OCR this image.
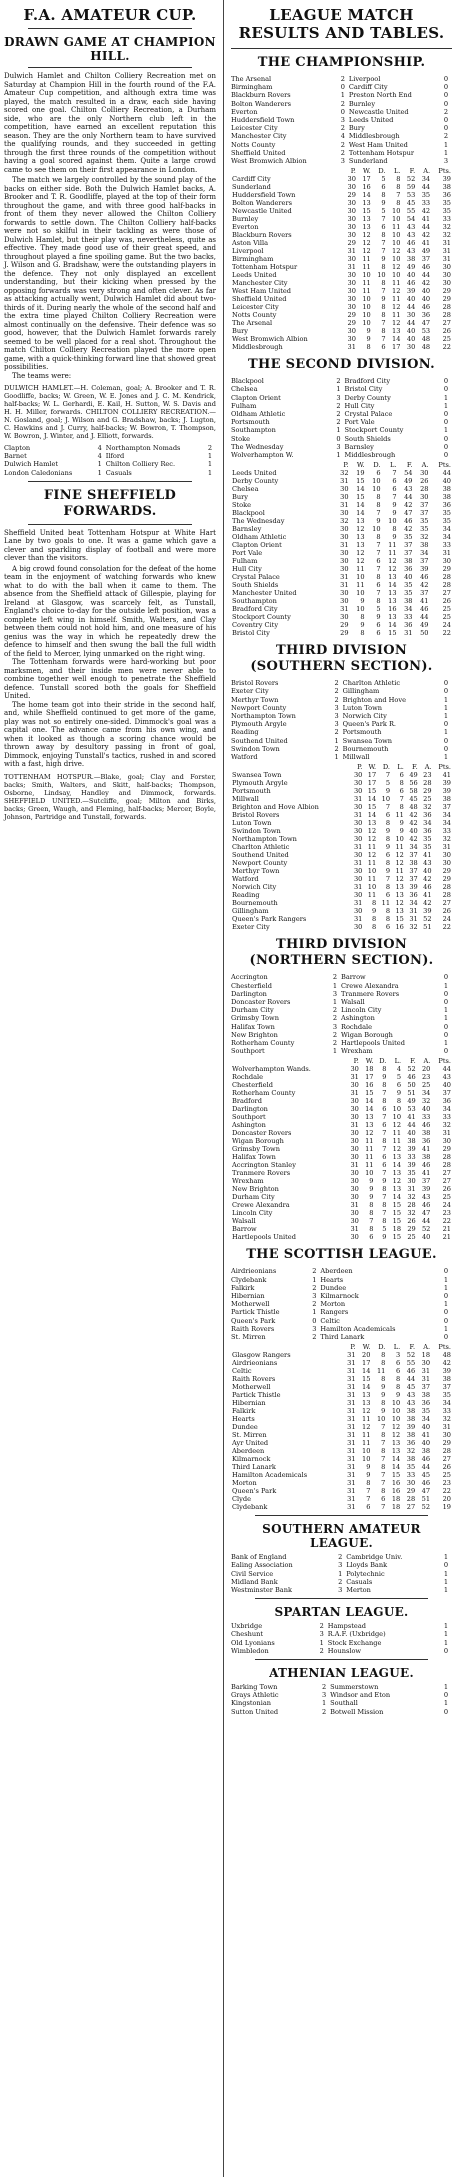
F.A. AMATEUR CUP.
DRAWN GAME AT CHAMPION HILL.

Dulwich Hamlet and Chilton Colliery Recreation met on Saturday at Champion Hill in the fourth round of the F.A. Amateur Cup competition, and although extra time was played, the match resulted in a draw, each side having scored one goal. Chilton Colliery Recreation, a Durham side, who are the only Northern club left in the competition, have earned an excellent reputation this season. They are the only Northern team to have survived the qualifying rounds, and they succeeded in getting through the first three rounds of the competition without having a goal scored against them. Quite a large crowd came to see them on their first appearance in London.

The match we largely controlled by the sound play of the backs on either side. Both the Dulwich Hamlet backs, A. Brooker and T. R. Goodliffe, played at the top of their form throughout the game, and with three good half-backs in front of them they never allowed the Chilton Colliery forwards to settle down. The Chilton Colliery half-backs were not so skilful in their tackling as were those of Dulwich Hamlet, but their play was, nevertheless, quite as effective. They made good use of their great speed, and throughout played a fine spoiling game. But the two backs, J. Wilson and G. Bradshaw, were the outstanding players in the defence. They not only displayed an excellent understanding, but their kicking when pressed by the opposing forwards was very strong and often clever. As far as attacking actually went, Dulwich Hamlet did about two-thirds of it. During nearly the whole of the second half and the extra time played Chilton Colliery Recreation were almost continually on the defensive. Their defence was so good, however, that the Dulwich Hamlet forwards rarely seemed to be well placed for a real shot. Throughout the match Chilton Colliery Recreation played the more open game, with a quick-thinking forward line that showed great possibilities.

The teams were:

DULWICH HAMLET.—H. Coleman, goal; A. Brooker and T. R. Goodliffe, backs; W. Green, W. E. Jones and J. C. M. Kendrick, half-backs; W. L. Gerhardi, E. Kail, H. Sutton, W. S. Davis and H. H. Miller, forwards. CHILTON COLLIERY RECREATION.—N. Gosland, goal; J. Wilson and G. Bradshaw, backs; J. Lugton, C. Hawkins and J. Curry, half-backs; W. Bowron, T. Thompson, W. Bowron, J. Winter, and J. Elliott, forwards.

Clapton	4	Northampton Nomads	2
Barnet	4	Ilford	1
Dulwich Hamlet	1	Chilton Colliery Rec.	1
London Caledonians	1	Casuals	1
FINE SHEFFIELD FORWARDS.

Sheffield United beat Tottenham Hotspur at White Hart Lane by two goals to one. It was a game which gave a clever and sparkling display of football and were more clever than the visitors.

A big crowd found consolation for the defeat of the home team in the enjoyment of watching forwards who knew what to do with the ball when it came to them. The absence from the Sheffield attack of Gillespie, playing for Ireland at Glasgow, was scarcely felt, as Tunstall, England's choice to-day for the outside left position, was a complete left wing in himself. Smith, Walters, and Clay between them could not hold him, and one measure of his genius was the way in which he repeatedly drew the defence to himself and then swung the ball the full width of the field to Mercer, lying unmarked on the right wing.

The Tottenham forwards were hard-working but poor marksmen, and their inside men were never able to combine together well enough to penetrate the Sheffield defence. Tunstall scored both the goals for Sheffield United.

The home team got into their stride in the second half, and, while Sheffield continued to get more of the game, play was not so entirely one-sided. Dimmock's goal was a capital one. The advance came from his own wing, and when it looked as though a scoring chance would be thrown away by desultory passing in front of goal, Dimmock, enjoying Tunstall's tactics, rushed in and scored with a fast, high drive.

TOTTENHAM HOTSPUR.—Blake, goal; Clay and Forster, backs; Smith, Walters, and Skitt, half-backs; Thompson, Osborne, Lindsay, Handley and Dimmock, forwards. SHEFFIELD UNITED.—Sutcliffe, goal; Milton and Birks, backs; Green, Waugh, and Fleming, half-backs; Mercer, Boyle, Johnson, Partridge and Tunstall, forwards.

LEAGUE MATCH RESULTS AND TABLES.
THE CHAMPIONSHIP.
The Arsenal	2	Liverpool	0
Birmingham	0	Cardiff City	0
Blackburn Rovers	1	Preston North End	0
Bolton Wanderers	2	Burnley	0
Everton	0	Newcastle United	2
Huddersfield Town	3	Leeds United	0
Leicester City	2	Bury	0
Manchester City	4	Middlesbrough	2
Notts County	2	West Ham United	1
Sheffield United	2	Tottenham Hotspur	1
West Bromwich Albion	3	Sunderland	3
	P.	W.	D.	L.	F.	A.	Pts.
Cardiff City	30	17	5	8	52	34	39
Sunderland	30	16	6	8	59	44	38
Huddersfield Town	29	14	8	7	53	35	36
Bolton Wanderers	30	13	9	8	45	33	35
Newcastle United	30	15	5	10	55	42	35
Burnley	30	13	7	10	54	41	33
Everton	30	13	6	11	43	44	32
Blackburn Rovers	30	12	8	10	43	42	32
Aston Villa	29	12	7	10	46	41	31
Liverpool	31	12	7	12	43	49	31
Birmingham	30	11	9	10	38	37	31
Tottenham Hotspur	31	11	8	12	49	46	30
Leeds United	30	10	10	10	40	44	30
Manchester City	30	11	8	11	46	42	30
West Ham United	30	11	7	12	39	40	29
Sheffield United	30	10	9	11	40	40	29
Leicester City	30	10	8	12	44	46	28
Notts County	29	10	8	11	30	36	28
The Arsenal	29	10	7	12	44	47	27
Bury	30	9	8	13	40	53	26
West Bromwich Albion	30	9	7	14	40	48	25
Middlesbrough	31	8	6	17	30	48	22
THE SECOND DIVISION.
Blackpool	2	Bradford City	0
Chelsea	1	Bristol City	0
Clapton Orient	3	Derby County	1
Fulham	2	Hull City	1
Oldham Athletic	2	Crystal Palace	0
Portsmouth	2	Port Vale	0
Southampton	1	Stockport County	1
Stoke	0	South Shields	0
The Wednesday	3	Barnsley	0
Wolverhampton W.	1	Middlesbrough	0
	P.	W.	D.	L.	F.	A.	Pts.
Leeds United	32	19	6	7	54	30	44
Derby County	31	15	10	6	49	26	40
Chelsea	30	14	10	6	43	28	38
Bury	30	15	8	7	44	30	38
Stoke	31	14	8	9	42	37	36
Blackpool	30	14	7	9	47	37	35
The Wednesday	32	13	9	10	46	35	35
Barnsley	30	12	10	8	42	35	34
Oldham Athletic	30	13	8	9	35	32	34
Clapton Orient	31	13	7	11	37	38	33
Port Vale	30	12	7	11	37	34	31
Fulham	30	12	6	12	38	37	30
Hull City	30	11	7	12	36	39	29
Crystal Palace	31	10	8	13	40	46	28
South Shields	31	11	6	14	35	42	28
Manchester United	30	10	7	13	35	37	27
Southampton	30	9	8	13	38	41	26
Bradford City	31	10	5	16	34	46	25
Stockport County	30	8	9	13	33	44	25
Coventry City	29	9	6	14	36	49	24
Bristol City	29	8	6	15	31	50	22
THIRD DIVISION (SOUTHERN SECTION).
Bristol Rovers	2	Charlton Athletic	0
Exeter City	2	Gillingham	0
Merthyr Town	2	Brighton and Hove	1
Newport County	3	Luton Town	1
Northampton Town	3	Norwich City	1
Plymouth Argyle	3	Queen's Park R.	0
Reading	2	Portsmouth	1
Southend United	1	Swansea Town	0
Swindon Town	2	Bournemouth	0
Watford	1	Millwall	1
	P.	W.	D.	L.	F.	A.	Pts.
Swansea Town	30	17	7	6	49	23	41
Plymouth Argyle	30	17	5	8	56	28	39
Portsmouth	30	15	9	6	58	29	39
Millwall	31	14	10	7	45	25	38
Brighton and Hove Albion	30	15	7	8	48	32	37
Bristol Rovers	31	14	6	11	42	36	34
Luton Town	30	13	8	9	42	34	34
Swindon Town	30	12	9	9	40	36	33
Northampton Town	30	12	8	10	42	35	32
Charlton Athletic	31	11	9	11	34	35	31
Southend United	30	12	6	12	37	41	30
Newport County	31	11	8	12	38	43	30
Merthyr Town	30	10	9	11	37	40	29
Watford	30	11	7	12	37	42	29
Norwich City	31	10	8	13	39	46	28
Reading	30	11	6	13	36	41	28
Bournemouth	31	8	11	12	34	42	27
Gillingham	30	9	8	13	31	39	26
Queen's Park Rangers	31	8	8	15	31	52	24
Exeter City	30	8	6	16	32	51	22
THIRD DIVISION (NORTHERN SECTION).
Accrington	2	Barrow	0
Chesterfield	1	Crewe Alexandra	1
Darlington	3	Tranmere Rovers	0
Doncaster Rovers	1	Walsall	0
Durham City	2	Lincoln City	1
Grimsby Town	2	Ashington	1
Halifax Town	3	Rochdale	0
New Brighton	2	Wigan Borough	0
Rotherham County	2	Hartlepools United	1
Southport	1	Wrexham	0
	P.	W.	D.	L.	F.	A.	Pts.
Wolverhampton Wands.	30	18	8	4	52	20	44
Rochdale	31	17	9	5	46	23	43
Chesterfield	30	16	8	6	50	25	40
Rotherham County	31	15	7	9	51	34	37
Bradford	30	14	8	8	49	32	36
Darlington	30	14	6	10	53	40	34
Southport	30	13	7	10	41	33	33
Ashington	31	13	6	12	44	46	32
Doncaster Rovers	30	12	7	11	40	38	31
Wigan Borough	30	11	8	11	38	36	30
Grimsby Town	30	11	7	12	39	41	29
Halifax Town	30	11	6	13	33	38	28
Accrington Stanley	31	11	6	14	39	46	28
Tranmere Rovers	30	10	7	13	35	41	27
Wrexham	30	9	9	12	30	37	27
New Brighton	30	9	8	13	31	39	26
Durham City	30	9	7	14	32	43	25
Crewe Alexandra	31	8	8	15	28	46	24
Lincoln City	30	8	7	15	32	47	23
Walsall	30	7	8	15	26	44	22
Barrow	31	8	5	18	29	52	21
Hartlepools United	30	6	9	15	25	40	21
THE SCOTTISH LEAGUE.
Airdrieonians	2	Aberdeen	0
Clydebank	1	Hearts	1
Falkirk	2	Dundee	1
Hibernian	3	Kilmarnock	0
Motherwell	2	Morton	1
Partick Thistle	1	Rangers	0
Queen's Park	0	Celtic	0
Raith Rovers	3	Hamilton Academicals	1
St. Mirren	2	Third Lanark	0
	P.	W.	D.	L.	F.	A.	Pts.
Glasgow Rangers	31	20	8	3	52	18	48
Airdrieonians	31	17	8	6	55	30	42
Celtic	31	14	11	6	46	31	39
Raith Rovers	31	15	8	8	44	31	38
Motherwell	31	14	9	8	45	37	37
Partick Thistle	31	13	9	9	43	38	35
Hibernian	31	13	8	10	43	36	34
Falkirk	31	12	9	10	38	35	33
Hearts	31	11	10	10	38	34	32
Dundee	31	12	7	12	39	40	31
St. Mirren	31	11	8	12	38	41	30
Ayr United	31	11	7	13	36	40	29
Aberdeen	31	10	8	13	32	38	28
Kilmarnock	31	10	7	14	38	46	27
Third Lanark	31	9	8	14	35	44	26
Hamilton Academicals	31	9	7	15	33	45	25
Morton	31	8	7	16	30	46	23
Queen's Park	31	7	8	16	29	47	22
Clyde	31	7	6	18	28	51	20
Clydebank	31	6	7	18	27	52	19
SOUTHERN AMATEUR LEAGUE.
Bank of England	2	Cambridge Univ.	1
Ealing Association	3	Lloyds Bank	0
Civil Service	1	Polytechnic	1
Midland Bank	2	Casuals	1
Westminster Bank	3	Merton	1
SPARTAN LEAGUE.
Uxbridge	2	Hampstead	1
Cheshunt	3	R.A.F. (Uxbridge)	1
Old Lyonians	1	Stock Exchange	1
Wimbledon	2	Hounslow	0
ATHENIAN LEAGUE.
Barking Town	2	Summerstown	1
Grays Athletic	3	Windsor and Eton	0
Kingstonian	1	Southall	1
Sutton United	2	Botwell Mission	0
